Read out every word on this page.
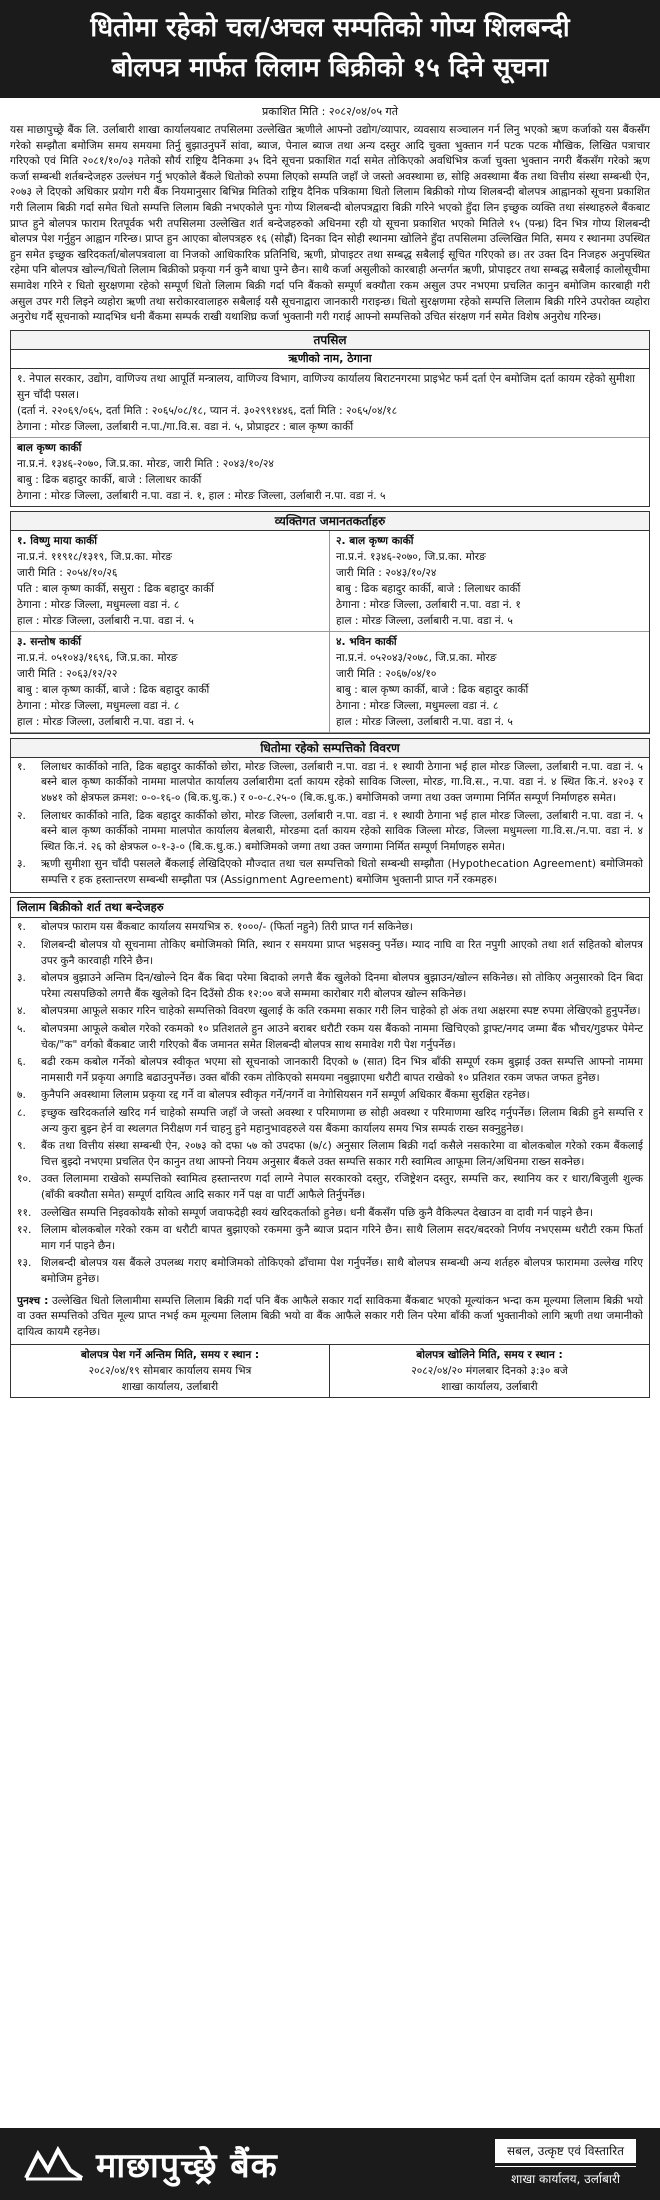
धितोमा रहेको चल/अचल सम्पतिको गोप्य शिलबन्दी
बोलपत्र मार्फत लिलाम बिक्रीको १५ दिने सूचना
प्रकाशित मिति : २०८२/०४/०५ गते
यस माछापुच्छ्रे बैंक लि. उर्लाबारी शाखा कार्यालयबाट तपसिलमा उल्लेखित ऋणीले आफ्नो उद्योग/व्यापार, व्यवसाय सञ्चालन गर्न लिनु भएको ऋण कर्जाको यस बैंकसँग गरेको सम्झौता बमोजिम समय समयमा तिर्नु बुझाउनुपर्ने सांवा, ब्याज, पेनाल ब्याज तथा अन्य दस्तुर आदि चुक्ता भुक्तान गर्न पटक पटक मौखिक, लिखित पत्राचार गरिएको एवं मिति २०८१/१०/०३ गतेको सौर्य राष्ट्रिय दैनिकमा ३५ दिने सूचना प्रकाशित गर्दा समेत तोकिएको अवधिभित्र कर्जा चुक्ता भुक्तान नगरी बैंकसँग गरेको ऋण कर्जा सम्बन्धी शर्तबन्देजहरु उल्लंघन गर्नु भएकोले बैंकले धितोको रुपमा लिएको सम्पति जहाँ जे जस्तो अवस्थामा छ, सोहि अवस्थामा बैंक तथा वित्तीय संस्था सम्बन्धी ऐन, २०७३ ले दिएको अधिकार प्रयोग गरी बैंक नियमानुसार बिभिन्न मितिको राष्ट्रिय दैनिक पत्रिकामा धितो लिलाम बिक्रीको गोप्य शिलबन्दी बोलपत्र आह्वानको सूचना प्रकाशित गरी लिलाम बिक्री गर्दा समेत धितो सम्पत्ति लिलाम बिक्री नभएकोले पुनः गोप्य शिलबन्दी बोलपत्रद्वारा बिक्री गरिने भएको हुँदा लिन इच्छुक व्यक्ति तथा संस्थाहरुले बैंकबाट प्राप्त हुने बोलपत्र फाराम रितपूर्वक भरी तपसिलमा उल्लेखित शर्त बन्देजहरुको अधिनमा रही यो सूचना प्रकाशित भएको मितिले १५ (पन्ध्र) दिन भित्र गोप्य शिलबन्दी बोलपत्र पेश गर्नुहुन आह्वान गरिन्छ। प्राप्त हुन आएका बोलपत्रहरु १६ (सोह्रौं) दिनका दिन सोही स्थानमा खोलिने हुँदा तपसिलमा उल्लिखित मिति, समय र स्थानमा उपस्थित हुन समेत इच्छुक खरिदकर्ता/बोलपत्रवाला वा निजको आधिकारिक प्रतिनिधि, ऋणी, प्रोपाइटर तथा सम्बद्ध सबैलाई सूचित गरिएको छ। तर उक्त दिन निजहरु अनुपस्थित रहेमा पनि बोलपत्र खोल्न/धितो लिलाम बिक्रीको प्रकृया गर्न कुनै बाधा पुग्ने छैन। साथै कर्जा असुलीको कारबाही अन्तर्गत ऋणी, प्रोपाइटर तथा सम्बद्ध सबैलाई कालोसूचीमा समावेश गरिने र धितो सुरक्षणमा रहेको सम्पूर्ण धितो लिलाम बिक्री गर्दा पनि बैंकको सम्पूर्ण बक्यौता रकम असुल उपर नभएमा प्रचलित कानुन बमोजिम कारबाही गरी असुल उपर गरी लिइने व्यहोरा ऋणी तथा सरोकारवालाहरु सबैलाई यसै सूचनाद्वारा जानकारी गराइन्छ। धितो सुरक्षणमा रहेको सम्पत्ति लिलाम बिक्री गरिने उपरोक्त व्यहोरा अनुरोध गर्दै सूचनाको म्यादभित्र धनी बैंकमा सम्पर्क राखी यथाशिघ्र कर्जा भुक्तानी गरी गराई आफ्नो सम्पत्तिको उचित संरक्षण गर्न समेत विशेष अनुरोध गरिन्छ।
तपसिल
ऋणीको नाम, ठेगाना
१. नेपाल सरकार, उद्योग, वाणिज्य तथा आपूर्ति मन्त्रालय, वाणिज्य विभाग, वाणिज्य कार्यालय बिराटनगरमा प्राइभेट फर्म दर्ता ऐन बमोजिम दर्ता कायम रहेको सुमीशा सुन चाँदी पसल।
(दर्ता नं. २२०६९/०६५, दर्ता मिति : २०६५/०८/१८, प्यान नं. ३०२९९१४४६, दर्ता मिति : २०६५/०४/१८
ठेगाना : मोरङ जिल्ला, उर्लाबारी न.पा./गा.वि.स. वडा नं. ५, प्रोप्राइटर : बाल कृष्ण कार्की
बाल कृष्ण कार्की
ना.प्र.नं. १३४६-२०७०, जि.प्र.का. मोरङ, जारी मिति : २०४३/१०/२४
बाबु : ढिक बहादुर कार्की, बाजे : लिलाधर कार्की
ठेगाना : मोरङ जिल्ला, उर्लाबारी न.पा. वडा नं. १, हाल : मोरङ जिल्ला, उर्लाबारी न.पा. वडा नं. ५
व्यक्तिगत जमानतकर्ताहरु
१. विष्णु माया कार्की
ना.प्र.नं. ११९१८/१३१९, जि.प्र.का. मोरङ
जारी मिति : २०५४/१०/२६
पति : बाल कृष्ण कार्की, ससुरा : ढिक बहादुर कार्की
ठेगाना : मोरङ जिल्ला, मधुमल्ला वडा नं. ८
हाल : मोरङ जिल्ला, उर्लाबारी न.पा. वडा नं. ५
२. बाल कृष्ण कार्की
ना.प्र.नं. १३४६-२०७०, जि.प्र.का. मोरङ
जारी मिति : २०४३/१०/२४
बाबु : ढिक बहादुर कार्की, बाजे : लिलाधर कार्की
ठेगाना : मोरङ जिल्ला, उर्लाबारी न.पा. वडा नं. १
हाल : मोरङ जिल्ला, उर्लाबारी न.पा. वडा नं. ५
३. सन्तोष कार्की
ना.प्र.नं. ०५१०४३/१६९६, जि.प्र.का. मोरङ
जारी मिति : २०६३/१२/२२
बाबु : बाल कृष्ण कार्की, बाजे : ढिक बहादुर कार्की
ठेगाना : मोरङ जिल्ला, मधुमल्ला वडा नं. ८
हाल : मोरङ जिल्ला, उर्लाबारी न.पा. वडा नं. ५
४. भविन कार्की
ना.प्र.नं. ०५२०४३/२०७८, जि.प्र.का. मोरङ
जारी मिति : २०६७/०४/१०
बाबु : बाल कृष्ण कार्की, बाजे : ढिक बहादुर कार्की
ठेगाना : मोरङ जिल्ला, मधुमल्ला वडा नं. ८
हाल : मोरङ जिल्ला, उर्लाबारी न.पा. वडा नं. ५
धितोमा रहेको सम्पत्तिको विवरण
१.	लिलाधर कार्कीको नाति, ढिक बहादुर कार्कीको छोरा, मोरङ जिल्ला, उर्लाबारी न.पा. वडा नं. १ स्थायी ठेगाना भई हाल मोरङ जिल्ला, उर्लाबारी न.पा. वडा नं. ५ बस्ने बाल कृष्ण कार्कीको नाममा मालपोत कार्यालय उर्लाबारीमा दर्ता कायम रहेको साविक जिल्ला, मोरङ, गा.वि.स., न.पा. वडा नं. ४ स्थित कि.नं. ४२०३ र ४७४१ को क्षेत्रफल क्रमश: ०-०-१६-० (बि.क.धु.क.) र ०-०-८.२५-० (बि.क.धु.क.) बमोजिमको जग्गा तथा उक्त जग्गामा निर्मित सम्पूर्ण निर्माणहरु समेत।
२.	लिलाधर कार्कीको नाति, ढिक बहादुर कार्कीको छोरा, मोरङ जिल्ला, उर्लाबारी न.पा. वडा नं. १ स्थायी ठेगाना भई हाल मोरङ जिल्ला, उर्लाबारी न.पा. वडा नं. ५ बस्ने बाल कृष्ण कार्कीको नाममा मालपोत कार्यालय बेलबारी, मोरङमा दर्ता कायम रहेको साविक जिल्ला मोरङ, जिल्ला मधुमल्ला गा.वि.स./न.पा. वडा नं. ४ स्थित कि.नं. २६ को क्षेत्रफल ०-१-३-० (बि.क.धु.क.) बमोजिमको जग्गा तथा उक्त जग्गामा निर्मित सम्पूर्ण निर्माणहरु समेत।
३.	ऋणी सुमीशा सुन चाँदी पसलले बैंकलाई लेखिदिएको मौज्दात तथा चल सम्पत्तिको धितो सम्बन्धी सम्झौता (Hypothecation Agreement) बमोजिमको सम्पत्ति र हक हस्तान्तरण सम्बन्धी सम्झौता पत्र (Assignment Agreement) बमोजिम भुक्तानी प्राप्त गर्ने रकमहरु।
लिलाम बिक्रीको शर्त तथा बन्देजहरु
१.	बोलपत्र फाराम यस बैंकबाट कार्यालय समयभित्र रु. १०००/- (फिर्ता नहुने) तिरी प्राप्त गर्न सकिनेछ।
२.	शिलबन्दी बोलपत्र यो सूचनामा तोकिए बमोजिमको मिति, स्थान र समयमा प्राप्त भइसक्नु पर्नेछ। म्याद नाघि वा रित नपुगी आएको तथा शर्त सहितको बोलपत्र उपर कुनै कारवाही गरिने छैन।
३.	बोलपत्र बुझाउने अन्तिम दिन/खोल्ने दिन बैंक बिदा परेमा बिदाको लगत्तै बैंक खुलेको दिनमा बोलपत्र बुझाउन/खोल्न सकिनेछ। सो तोकिए अनुसारको दिन बिदा परेमा त्यसपछिको लगत्तै बैंक खुलेको दिन दिउँसो ठीक १२:०० बजे सम्ममा कारोबार गरी बोलपत्र खोल्न सकिनेछ।
४.	बोलपत्रमा आफूले सकार गरिन चाहेको सम्पत्तिको विवरण खुलाई के कति रकममा सकार गरी लिन चाहेको हो अंक तथा अक्षरमा स्पष्ट रुपमा लेखिएको हुनुपर्नेछ।
५.	बोलपत्रमा आफूले कबोल गरेको रकमको १० प्रतिशतले हुन आउने बराबर धरौटी रकम यस बैंकको नाममा खिचिएको ड्राफ्ट/नगद जम्मा बैंक भौचर/गुडफर पेमेन्ट चेक/"क" वर्गको बैंकबाट जारी गरिएको बैंक जमानत समेत शिलबन्दी बोलपत्र साथ समावेश गरी पेश गर्नुपर्नेछ।
६.	बढी रकम कबोल गर्नेको बोलपत्र स्वीकृत भएमा सो सूचनाको जानकारी दिएको ७ (सात) दिन भित्र बाँकी सम्पूर्ण रकम बुझाई उक्त सम्पत्ति आफ्नो नाममा नामसारी गर्ने प्रकृया अगाडि बढाउनुपर्नेछ। उक्त बाँकी रकम तोकिएको समयमा नबुझाएमा धरौटी बापत राखेको १० प्रतिशत रकम जफत जफत हुनेछ।
७.	कुनैपनि अवस्थामा लिलाम प्रकृया रद्द गर्ने वा बोलपत्र स्वीकृत गर्ने/नगर्ने वा नेगोसियसन गर्ने सम्पूर्ण अधिकार बैंकमा सुरक्षित रहनेछ।
८.	इच्छुक खरिदकर्ताले खरिद गर्न चाहेको सम्पत्ति जहाँ जे जस्तो अवस्था र परिमाणमा छ सोही अवस्था र परिमाणमा खरिद गर्नुपर्नेछ। लिलाम बिक्री हुने सम्पत्ति र अन्य कुरा बुझ्न हेर्न वा स्थलगत निरीक्षण गर्न चाहनु हुने महानुभावहरुले यस बैंकमा कार्यालय समय भित्र सम्पर्क राख्न सक्नुहुनेछ।
९.	बैंक तथा वित्तीय संस्था सम्बन्धी ऐन, २०७३ को दफा ५७ को उपदफा (७/८) अनुसार लिलाम बिक्री गर्दा कसैले नसकारेमा वा बोलकबोल गरेको रकम बैंकलाई चित्त बुझ्दो नभएमा प्रचलित ऐन कानुन तथा आफ्नो नियम अनुसार बैंकले उक्त सम्पत्ति सकार गरी स्वामित्व आफूमा लिन/अधिनमा राख्न सक्नेछ।
१०. उक्त लिलाममा राखेको सम्पत्तिको स्वामित्व हस्तान्तरण गर्दा लाग्ने नेपाल सरकारको दस्तुर, रजिष्ट्रेशन दस्तुर, सम्पत्ति कर, स्थानिय कर र धारा/बिजुली शुल्क (बाँकी बक्यौता समेत) सम्पूर्ण दायित्व आदि सकार गर्ने पक्ष वा पार्टी आफैले तिर्नुपर्नेछ।
११. उल्लेखित सम्पत्ति निइवकोयकै सोको सम्पूर्ण जवाफदेही स्वयं खरिदकर्ताको हुनेछ। धनी बैंकसँग पछि कुनै वैकिल्पत देखाउन वा दावी गर्न पाइने छैन।
१२. लिलाम बोलकबोल गरेको रकम वा धरौटी बापत बुझाएको रकममा कुनै ब्याज प्रदान गरिने छैन। साथै लिलाम सदर/बदरको निर्णय नभएसम्म धरौटी रकम फिर्ता माग गर्न पाइने छैन।
१३. शिलबन्दी बोलपत्र यस बैंकले उपलब्ध गराए बमोजिमको तोकिएको ढाँचामा पेश गर्नुपर्नेछ। साथै बोलपत्र सम्बन्धी अन्य शर्तहरु बोलपत्र फाराममा उल्लेख गरिए बमोजिम हुनेछ।
पुनश्च : उल्लेखित धितो लिलामीमा सम्पत्ति लिलाम बिक्री गर्दा पनि बैंक आफैले सकार गर्दा साविकमा बैंकबाट भएको मूल्यांकन भन्दा कम मूल्यमा लिलाम बिक्री भयो वा उक्त सम्पत्तिको उचित मूल्य प्राप्त नभई कम मूल्यमा लिलाम बिक्री भयो वा बैंक आफैले सकार गरी लिन परेमा बाँकी कर्जा भुक्तानीको लागि ऋणी तथा जमानीको दायित्व कायमै रहनेछ।
बोलपत्र पेश गर्ने अन्तिम मिति, समय र स्थान :
२०८२/०४/१९ सोमबार कार्यालय समय भित्र
शाखा कार्यालय, उर्लाबारी
बोलपत्र खोलिने मिति, समय र स्थान :
२०८२/०४/२० मंगलबार दिनको ३:३० बजे
शाखा कार्यालय, उर्लाबारी
माछापुच्छ्रे बैंक	सबल, उत्कृष्ट एवं विस्तारित
शाखा कार्यालय, उर्लाबारी
